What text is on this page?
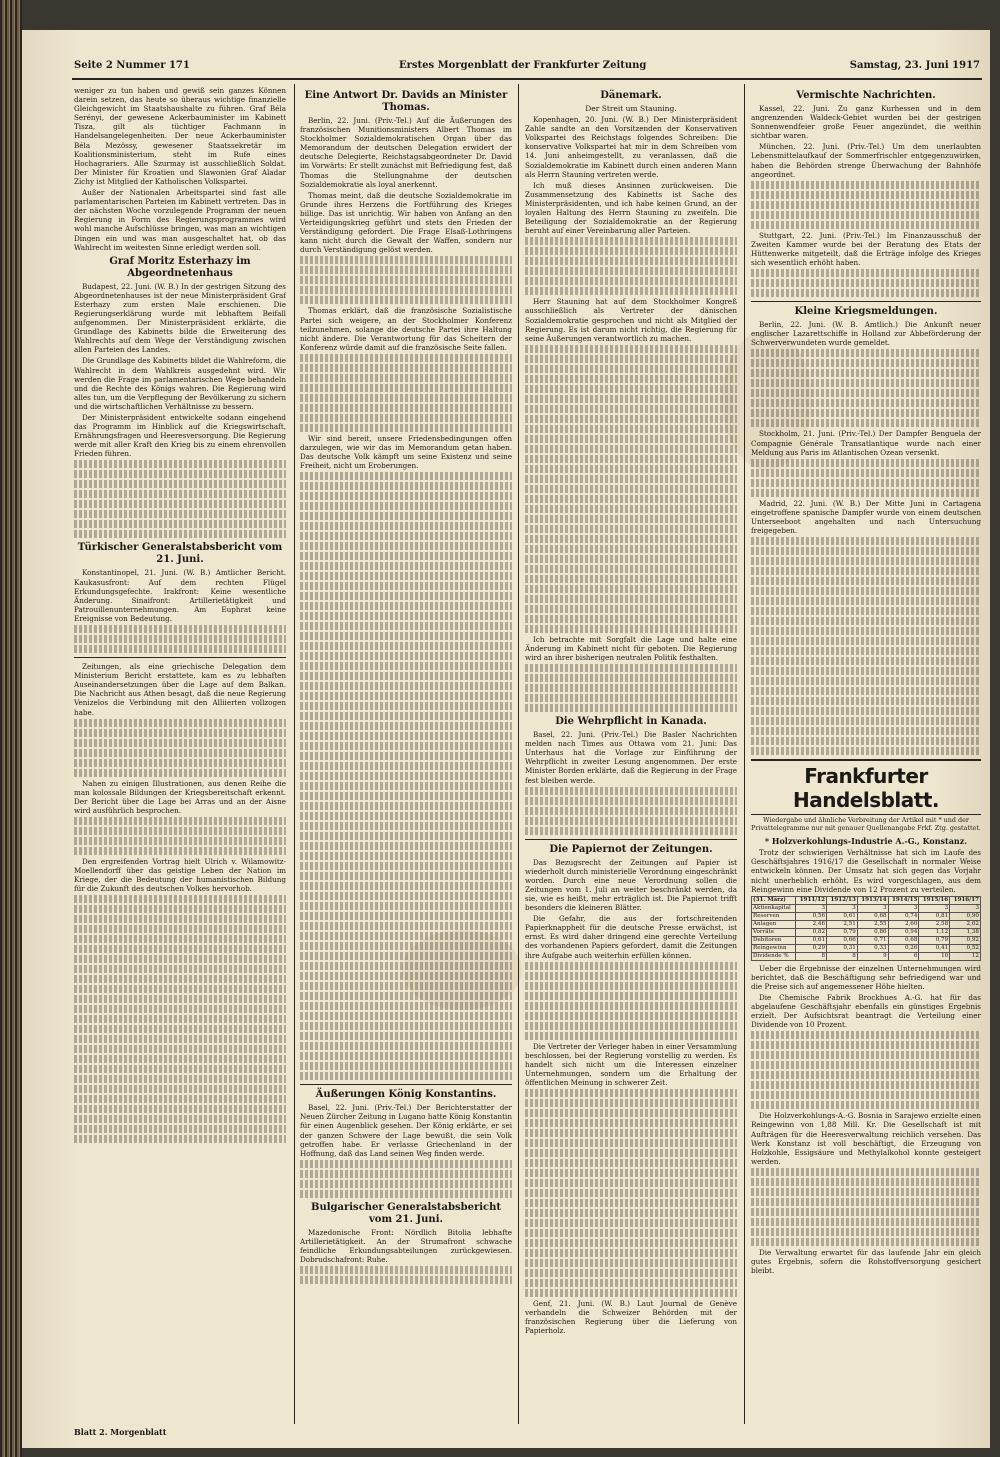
Seite 2 Nummer 171	Erstes Morgenblatt der Frankfurter Zeitung	Samstag, 23. Juni 1917

weniger zu tun haben und gewiß sein ganzes Können darein setzen, das heute so überaus wichtige finanzielle Gleichgewicht im Staatshaushalte zu führen. Graf Béla Serényi, der gewesene Ackerbauminister im Kabinett Tisza, gilt als tüchtiger Fachmann in Handelsangelegenheiten. Der neue Ackerbauminister Béla Mezössy, gewesener Staatssekretär im Koalitionsministerium, steht im Rufe eines Hochagrariers. Alle Szurmay ist ausschließlich Soldat. Der Minister für Kroatien und Slawonien Graf Aladar Zichy ist Mitglied der Katholischen Volkspartei.

Außer der Nationalen Arbeitspartei sind fast alle parlamentarischen Parteien im Kabinett vertreten. Das in der nächsten Woche vorzulegende Programm der neuen Regierung in Form des Regierungsprogrammes wird wohl manche Aufschlüsse bringen, was man an wichtigen Dingen ein und was man ausgeschaltet hat, ob das Wahlrecht im weitesten Sinne erledigt werden soll.

Graf Moritz Esterhazy im Abgeordnetenhaus

Budapest, 22. Juni. (W. B.) In der gestrigen Sitzung des Abgeordnetenhauses ist der neue Ministerpräsident Graf Esterhazy zum ersten Male erschienen. Die Regierungserklärung wurde mit lebhaftem Beifall aufgenommen. Der Ministerpräsident erklärte, die Grundlage des Kabinetts bilde die Erweiterung des Wahlrechts auf dem Wege der Verständigung zwischen allen Parteien des Landes.

Die Grundlage des Kabinetts bildet die Wahlreform, die Wahlrecht in dem Wahlkreis ausgedehnt wird. Wir werden die Frage im parlamentarischen Wege behandeln und die Rechte des Königs wahren. Die Regierung wird alles tun, um die Verpflegung der Bevölkerung zu sichern und die wirtschaftlichen Verhältnisse zu bessern.

Der Ministerpräsident entwickelte sodann eingehend das Programm im Hinblick auf die Kriegswirtschaft, Ernährungsfragen und Heeresversorgung. Die Regierung werde mit aller Kraft den Krieg bis zu einem ehrenvollen Frieden führen.

Türkischer Generalstabsbericht vom 21. Juni.

Konstantinopel, 21. Juni. (W. B.) Amtlicher Bericht. Kaukasusfront: Auf dem rechten Flügel Erkundungsgefechte. Irakfront: Keine wesentliche Änderung. Sinaifront: Artillerietätigkeit und Patrouillenunternehmungen. Am Euphrat keine Ereignisse von Bedeutung.

Zeitungen, als eine griechische Delegation dem Ministerium Bericht erstattete, kam es zu lebhaften Auseinandersetzungen über die Lage auf dem Balkan. Die Nachricht aus Athen besagt, daß die neue Regierung Venizelos die Verbindung mit den Alliierten vollzogen habe.

Nahen zu einigen Illustrationen, aus denen Reihe die man kolossale Bildungen der Kriegsbereitschaft erkennt. Der Bericht über die Lage bei Arras und an der Aisne wird ausführlich besprochen.

Den ergreifenden Vortrag hielt Ulrich v. Wilamowitz-Moellendorff über das geistige Leben der Nation im Kriege, der die Bedeutung der humanistischen Bildung für die Zukunft des deutschen Volkes hervorhob.

Eine Antwort Dr. Davids an Minister Thomas.

Berlin, 22. Juni. (Priv.-Tel.) Auf die Äußerungen des französischen Munitionsministers Albert Thomas im Stockholmer Sozialdemokratischen Organ über das Memorandum der deutschen Delegation erwidert der deutsche Delegierte, Reichstagsabgeordneter Dr. David im Vorwärts: Er stellt zunächst mit Befriedigung fest, daß Thomas die Stellungnahme der deutschen Sozialdemokratie als loyal anerkennt.

Thomas meint, daß die deutsche Sozialdemokratie im Grunde ihres Herzens die Fortführung des Krieges billige. Das ist unrichtig. Wir haben von Anfang an den Verteidigungskrieg geführt und stets den Frieden der Verständigung gefordert. Die Frage Elsaß-Lothringens kann nicht durch die Gewalt der Waffen, sondern nur durch Verständigung gelöst werden.

Thomas erklärt, daß die französische Sozialistische Partei sich weigere, an der Stockholmer Konferenz teilzunehmen, solange die deutsche Partei ihre Haltung nicht ändere. Die Verantwortung für das Scheitern der Konferenz würde damit auf die französische Seite fallen.

Wir sind bereit, unsere Friedensbedingungen offen darzulegen, wie wir das im Memorandum getan haben. Das deutsche Volk kämpft um seine Existenz und seine Freiheit, nicht um Eroberungen.

Äußerungen König Konstantins.

Basel, 22. Juni. (Priv.-Tel.) Der Berichterstatter der Neuen Zürcher Zeitung in Lugano hatte König Konstantin für einen Augenblick gesehen. Der König erklärte, er sei der ganzen Schwere der Lage bewußt, die sein Volk getroffen habe. Er verlasse Griechenland in der Hoffnung, daß das Land seinen Weg finden werde.

Bulgarischer Generalstabsbericht vom 21. Juni.

Mazedonische Front: Nördlich Bitolia lebhafte Artillerietätigkeit. An der Strumafront schwache feindliche Erkundungsabteilungen zurückgewiesen. Dobrudschafront: Ruhe.

Dänemark.
Der Streit um Stauning.

Kopenhagen, 20. Juni. (W. B.) Der Ministerpräsident Zahle sandte an den Vorsitzenden der Konservativen Volkspartei des Reichstags folgendes Schreiben: Die konservative Volkspartei hat mir in dem Schreiben vom 14. Juni anheimgestellt, zu veranlassen, daß die Sozialdemokratie im Kabinett durch einen anderen Mann als Herrn Stauning vertreten werde.

Ich muß dieses Ansinnen zurückweisen. Die Zusammensetzung des Kabinetts ist Sache des Ministerpräsidenten, und ich habe keinen Grund, an der loyalen Haltung des Herrn Stauning zu zweifeln. Die Beteiligung der Sozialdemokratie an der Regierung beruht auf einer Vereinbarung aller Parteien.

Herr Stauning hat auf dem Stockholmer Kongreß ausschließlich als Vertreter der dänischen Sozialdemokratie gesprochen und nicht als Mitglied der Regierung. Es ist darum nicht richtig, die Regierung für seine Äußerungen verantwortlich zu machen.

Ich betrachte mit Sorgfalt die Lage und halte eine Änderung im Kabinett nicht für geboten. Die Regierung wird an ihrer bisherigen neutralen Politik festhalten.

Die Wehrpflicht in Kanada.

Basel, 22. Juni. (Priv.-Tel.) Die Basler Nachrichten melden nach Times aus Ottawa vom 21. Juni: Das Unterhaus hat die Vorlage zur Einführung der Wehrpflicht in zweiter Lesung angenommen. Der erste Minister Borden erklärte, daß die Regierung in der Frage fest bleiben werde.

Die Papiernot der Zeitungen.

Das Bezugsrecht der Zeitungen auf Papier ist wiederholt durch ministerielle Verordnung eingeschränkt worden. Durch eine neue Verordnung sollen die Zeitungen vom 1. Juli an weiter beschränkt werden, da sie, wie es heißt, mehr erträglich ist. Die Papiernot trifft besonders die kleineren Blätter.

Die Gefahr, die aus der fortschreitenden Papierknappheit für die deutsche Presse erwächst, ist ernst. Es wird daher dringend eine gerechte Verteilung des vorhandenen Papiers gefordert, damit die Zeitungen ihre Aufgabe auch weiterhin erfüllen können.

Die Vertreter der Verleger haben in einer Versammlung beschlossen, bei der Regierung vorstellig zu werden. Es handelt sich nicht um die Interessen einzelner Unternehmungen, sondern um die Erhaltung der öffentlichen Meinung in schwerer Zeit.

Genf, 21. Juni. (W. B.) Laut Journal de Genève verhandeln die Schweizer Behörden mit der französischen Regierung über die Lieferung von Papierholz.

Vermischte Nachrichten.

Kassel, 22. Juni. Zu ganz Kurhessen und in dem angrenzenden Waldeck-Gebiet wurden bei der gestrigen Sonnenwendfeier große Feuer angezündet, die weithin sichtbar waren.

München, 22. Juni. (Priv.-Tel.) Um dem unerlaubten Lebensmittelaufkauf der Sommerfrischler entgegenzuwirken, haben die Behörden strenge Überwachung der Bahnhöfe angeordnet.

Stuttgart, 22. Juni. (Priv.-Tel.) Im Finanzausschuß der Zweiten Kammer wurde bei der Beratung des Etats der Hüttenwerke mitgeteilt, daß die Erträge infolge des Krieges sich wesentlich erhöht haben.

Kleine Kriegsmeldungen.

Berlin, 22. Juni. (W. B. Amtlich.) Die Ankunft neuer englischer Lazarettschiffe in Holland zur Abbeförderung der Schwerverwundeten wurde gemeldet.

Stockholm, 21. Juni. (Priv.-Tel.) Der Dampfer Benguela der Compagnie Générale Transatlantique wurde nach einer Meldung aus Paris im Atlantischen Ozean versenkt.

Madrid, 22. Juni. (W. B.) Der Mitte Juni in Cartagena eingetroffene spanische Dampfer wurde von einem deutschen Unterseeboot angehalten und nach Untersuchung freigegeben.

Frankfurter Handelsblatt.
Wiedergabe und ähnliche Verbreitung der Artikel mit * und der Privattelegramme nur mit genauer Quellenangabe Frkf. Ztg. gestattet.
* Holzverkohlungs-Industrie A.-G., Konstanz.

Trotz der schwierigen Verhältnisse hat sich im Laufe des Geschäftsjahres 1916/17 die Gesellschaft in normaler Weise entwickeln können. Der Umsatz hat sich gegen das Vorjahr nicht unerheblich erhöht. Es wird vorgeschlagen, aus dem Reingewinn eine Dividende von 12 Prozent zu verteilen.

(31. März)	1911/12	1912/13	1913/14	1914/15	1915/16	1916/17
Aktienkapital	3	3	3	3	3	3
Reserven	0,56	0,61	0,68	0,74	0,81	0,90
Anlagen	2,46	2,51	2,55	2,60	2,58	2,62
Vorräte	0,82	0,79	0,86	0,94	1,12	1,38
Debitoren	0,61	0,66	0,71	0,68	0,79	0,92
Reingewinn	0,29	0,31	0,33	0,26	0,41	0,52
Dividende %	8	8	9	6	10	12

Ueber die Ergebnisse der einzelnen Unternehmungen wird berichtet, daß die Beschäftigung sehr befriedigend war und die Preise sich auf angemessener Höhe hielten.

Die Chemische Fabrik Brockhues A.-G. hat für das abgelaufene Geschäftsjahr ebenfalls ein günstiges Ergebnis erzielt. Der Aufsichtsrat beantragt die Verteilung einer Dividende von 10 Prozent.

Die Holzverkohlungs-A.-G. Bosnia in Sarajewo erzielte einen Reingewinn von 1,88 Mill. Kr. Die Gesellschaft ist mit Aufträgen für die Heeresverwaltung reichlich versehen. Das Werk Konstanz ist voll beschäftigt, die Erzeugung von Holzkohle, Essigsäure und Methylalkohol konnte gesteigert werden.

Die Verwaltung erwartet für das laufende Jahr ein gleich gutes Ergebnis, sofern die Rohstoffversorgung gesichert bleibt.

Blatt 2. Morgenblatt
